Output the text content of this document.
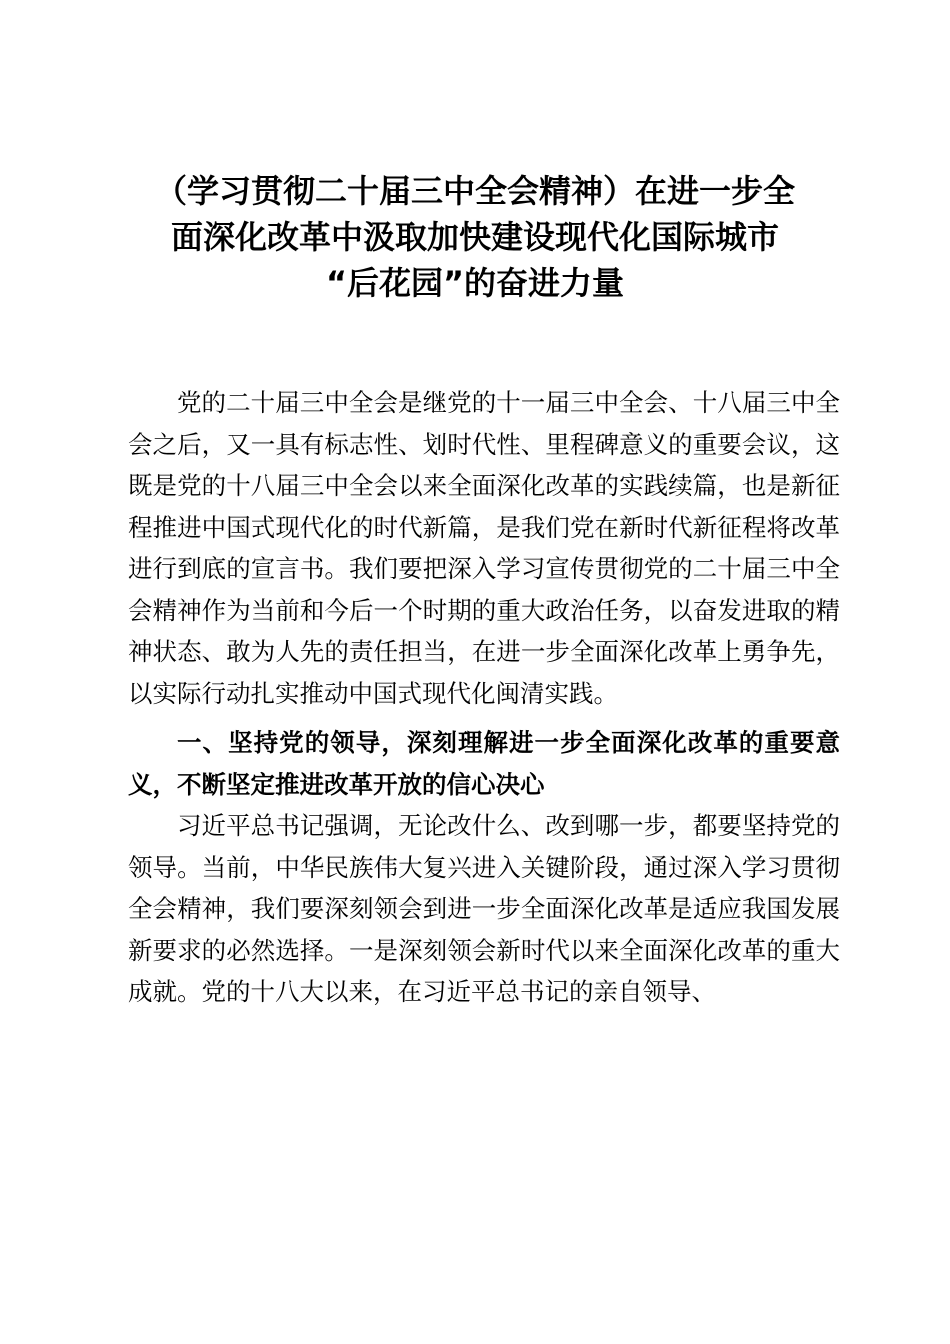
（学习贯彻二十届三中全会精神）在进一步全
面深化改革中汲取加快建设现代化国际城市
“后花园”的奋进力量

党的二十届三中全会是继党的十一届三中全会、十八届三中全会之后，又一具有标志性、划时代性、里程碑意义的重要会议，这既是党的十八届三中全会以来全面深化改革的实践续篇，也是新征程推进中国式现代化的时代新篇，是我们党在新时代新征程将改革进行到底的宣言书。我们要把深入学习宣传贯彻党的二十届三中全会精神作为当前和今后一个时期的重大政治任务，以奋发进取的精神状态、敢为人先的责任担当，在进一步全面深化改革上勇争先，以实际行动扎实推动中国式现代化闽清实践。

一、坚持党的领导，深刻理解进一步全面深化改革的重要意义，不断坚定推进改革开放的信心决心

习近平总书记强调，无论改什么、改到哪一步，都要坚持党的领导。当前，中华民族伟大复兴进入关键阶段，通过深入学习贯彻全会精神，我们要深刻领会到进一步全面深化改革是适应我国发展新要求的必然选择。一是深刻领会新时代以来全面深化改革的重大成就。党的十八大以来，在习近平总书记的亲自领导、
